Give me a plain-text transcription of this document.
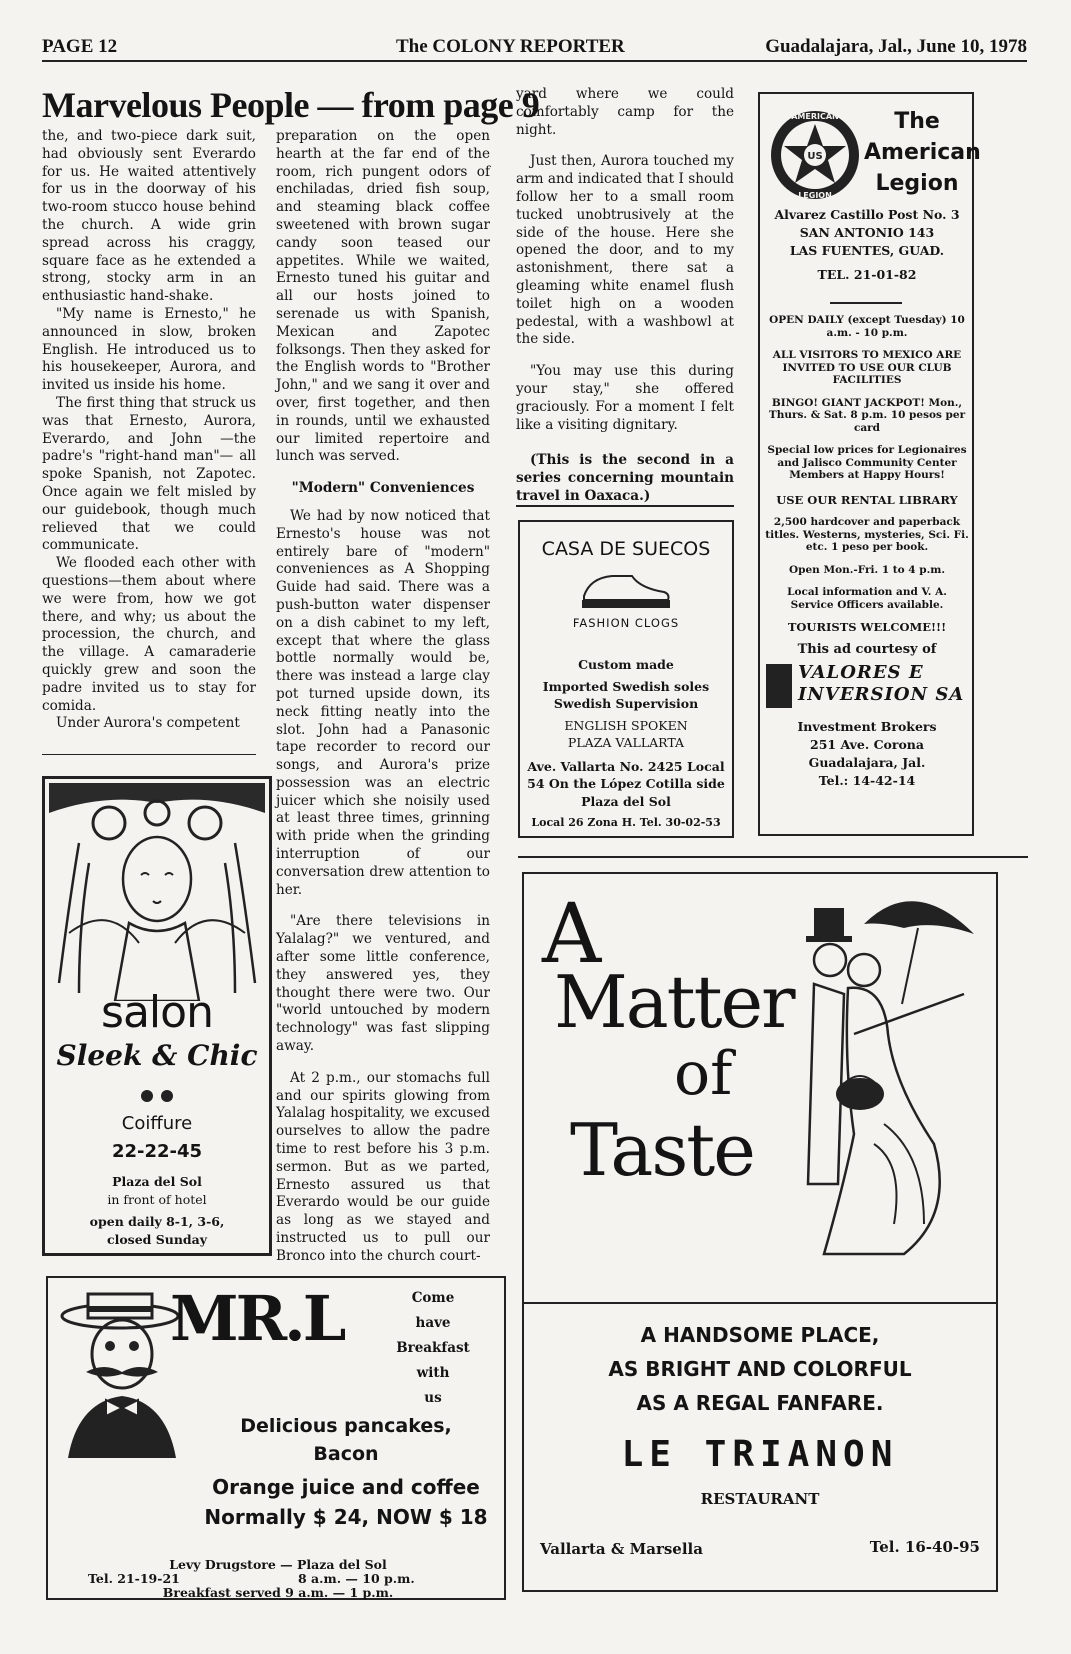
PAGE 12	The COLONY REPORTER	Guadalajara, Jal., June 10, 1978
Marvelous People — from page 9

the, and two-piece dark suit, had obviously sent Everardo for us. He waited attentively for us in the doorway of his two-room stucco house behind the church. A wide grin spread across his craggy, square face as he extended a strong, stocky arm in an enthusiastic hand-shake.

"My name is Ernesto," he announced in slow, broken English. He introduced us to his housekeeper, Aurora, and invited us inside his home.

The first thing that struck us was that Ernesto, Aurora, Everardo, and John —the padre's "right-hand man"— all spoke Spanish, not Zapotec. Once again we felt misled by our guidebook, though much relieved that we could communicate.

We flooded each other with questions—them about where we were from, how we got there, and why; us about the procession, the church, and the village. A camaraderie quickly grew and soon the padre invited us to stay for comida.

Under Aurora's competent

preparation on the open hearth at the far end of the room, rich pungent odors of enchiladas, dried fish soup, and steaming black coffee sweetened with brown sugar candy soon teased our appetites. While we waited, Ernesto tuned his guitar and all our hosts joined to serenade us with Spanish, Mexican and Zapotec folksongs. Then they asked for the English words to "Brother John," and we sang it over and over, first together, and then in rounds, until we exhausted our limited repertoire and lunch was served.

"Modern" Conveniences

We had by now noticed that Ernesto's house was not entirely bare of "modern" conveniences as A Shopping Guide had said. There was a push-button water dispenser on a dish cabinet to my left, except that where the glass bottle normally would be, there was instead a large clay pot turned upside down, its neck fitting neatly into the slot. John had a Panasonic tape recorder to record our songs, and Aurora's prize possession was an electric juicer which she noisily used at least three times, grinning with pride when the grinding interruption of our conversation drew attention to her.

"Are there televisions in Yalalag?" we ventured, and after some little conference, they answered yes, they thought there were two. Our "world untouched by modern technology" was fast slipping away.

At 2 p.m., our stomachs full and our spirits glowing from Yalalag hospitality, we excused ourselves to allow the padre time to rest before his 3 p.m. sermon. But as we parted, Ernesto assured us that Everardo would be our guide as long as we stayed and instructed us to pull our Bronco into the church court-

yard where we could comfortably camp for the night.

Just then, Aurora touched my arm and indicated that I should follow her to a small room tucked unobtrusively at the side of the house. Here she opened the door, and to my astonishment, there sat a gleaming white enamel flush toilet high on a wooden pedestal, with a washbowl at the side.

"You may use this during your stay," she offered graciously. For a moment I felt like a visiting dignitary.

(This is the second in a series concerning mountain travel in Oaxaca.)

US
AMERICAN
LEGION
The
American
Legion
Alvarez Castillo Post No. 3
SAN ANTONIO 143
LAS FUENTES, GUAD.
TEL. 21-01-82
OPEN DAILY (except Tuesday) 10 a.m. - 10 p.m.
ALL VISITORS TO MEXICO ARE INVITED TO USE OUR CLUB FACILITIES
BINGO! GIANT JACKPOT! Mon., Thurs. & Sat. 8 p.m. 10 pesos per card
Special low prices for Legionaires and Jalisco Community Center Members at Happy Hours!
USE OUR RENTAL LIBRARY
2,500 hardcover and paperback titles. Westerns, mysteries, Sci. Fi. etc. 1 peso per book.
Open Mon.-Fri. 1 to 4 p.m.
Local information and V. A. Service Officers available.
TOURISTS WELCOME!!!
This ad courtesy of
VALORES E INVERSION SA
Investment Brokers
251 Ave. Corona
Guadalajara, Jal.
Tel.: 14-42-14
CASA DE SUECOS
FASHION CLOGS
Custom made
Imported Swedish soles
Swedish Supervision
ENGLISH SPOKEN
PLAZA VALLARTA
Ave. Vallarta No. 2425 Local
54 On the López Cotilla side
Plaza del Sol
Local 26 Zona H. Tel. 30-02-53
salon
Sleek & Chic
Coiffure
22-22-45
Plaza del Sol
in front of hotel
open daily 8-1, 3-6,
closed Sunday
MR.L	Come
have
Breakfast
with
us
Delicious pancakes,
Bacon
Orange juice and coffee
Normally $ 24, NOW $ 18
Levy Drugstore — Plaza del Sol
Tel. 21-19-21	8 a.m. — 10 p.m.
Breakfast served 9 a.m. — 1 p.m.
A
Matter
of
Taste
A HANDSOME PLACE,
AS BRIGHT AND COLORFUL
AS A REGAL FANFARE.
LE TRIANON
RESTAURANT
Vallarta & Marsella	Tel. 16-40-95
